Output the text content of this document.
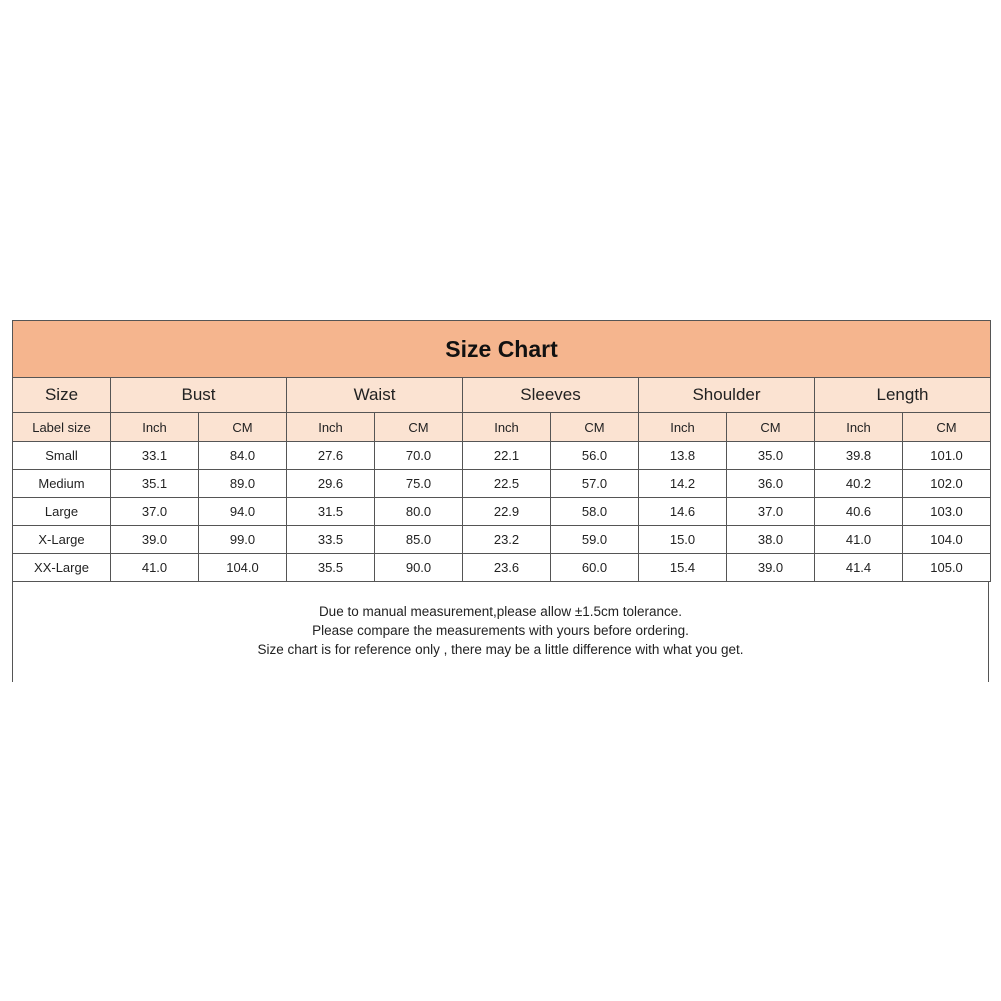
Size Chart										
Size	Bust		Waist		Sleeves		Shoulder		Length	
Label size	Inch	CM	Inch	CM	Inch	CM	Inch	CM	Inch	CM
Small	33.1	84.0	27.6	70.0	22.1	56.0	13.8	35.0	39.8	101.0
Medium	35.1	89.0	29.6	75.0	22.5	57.0	14.2	36.0	40.2	102.0
Large	37.0	94.0	31.5	80.0	22.9	58.0	14.6	37.0	40.6	103.0
X-Large	39.0	99.0	33.5	85.0	23.2	59.0	15.0	38.0	41.0	104.0
XX-Large	41.0	104.0	35.5	90.0	23.6	60.0	15.4	39.0	41.4	105.0
Due to manual measurement,please allow ±1.5cm tolerance.
Please compare the measurements with yours before ordering.
Size chart is for reference only , there may be a little difference with what you get.
